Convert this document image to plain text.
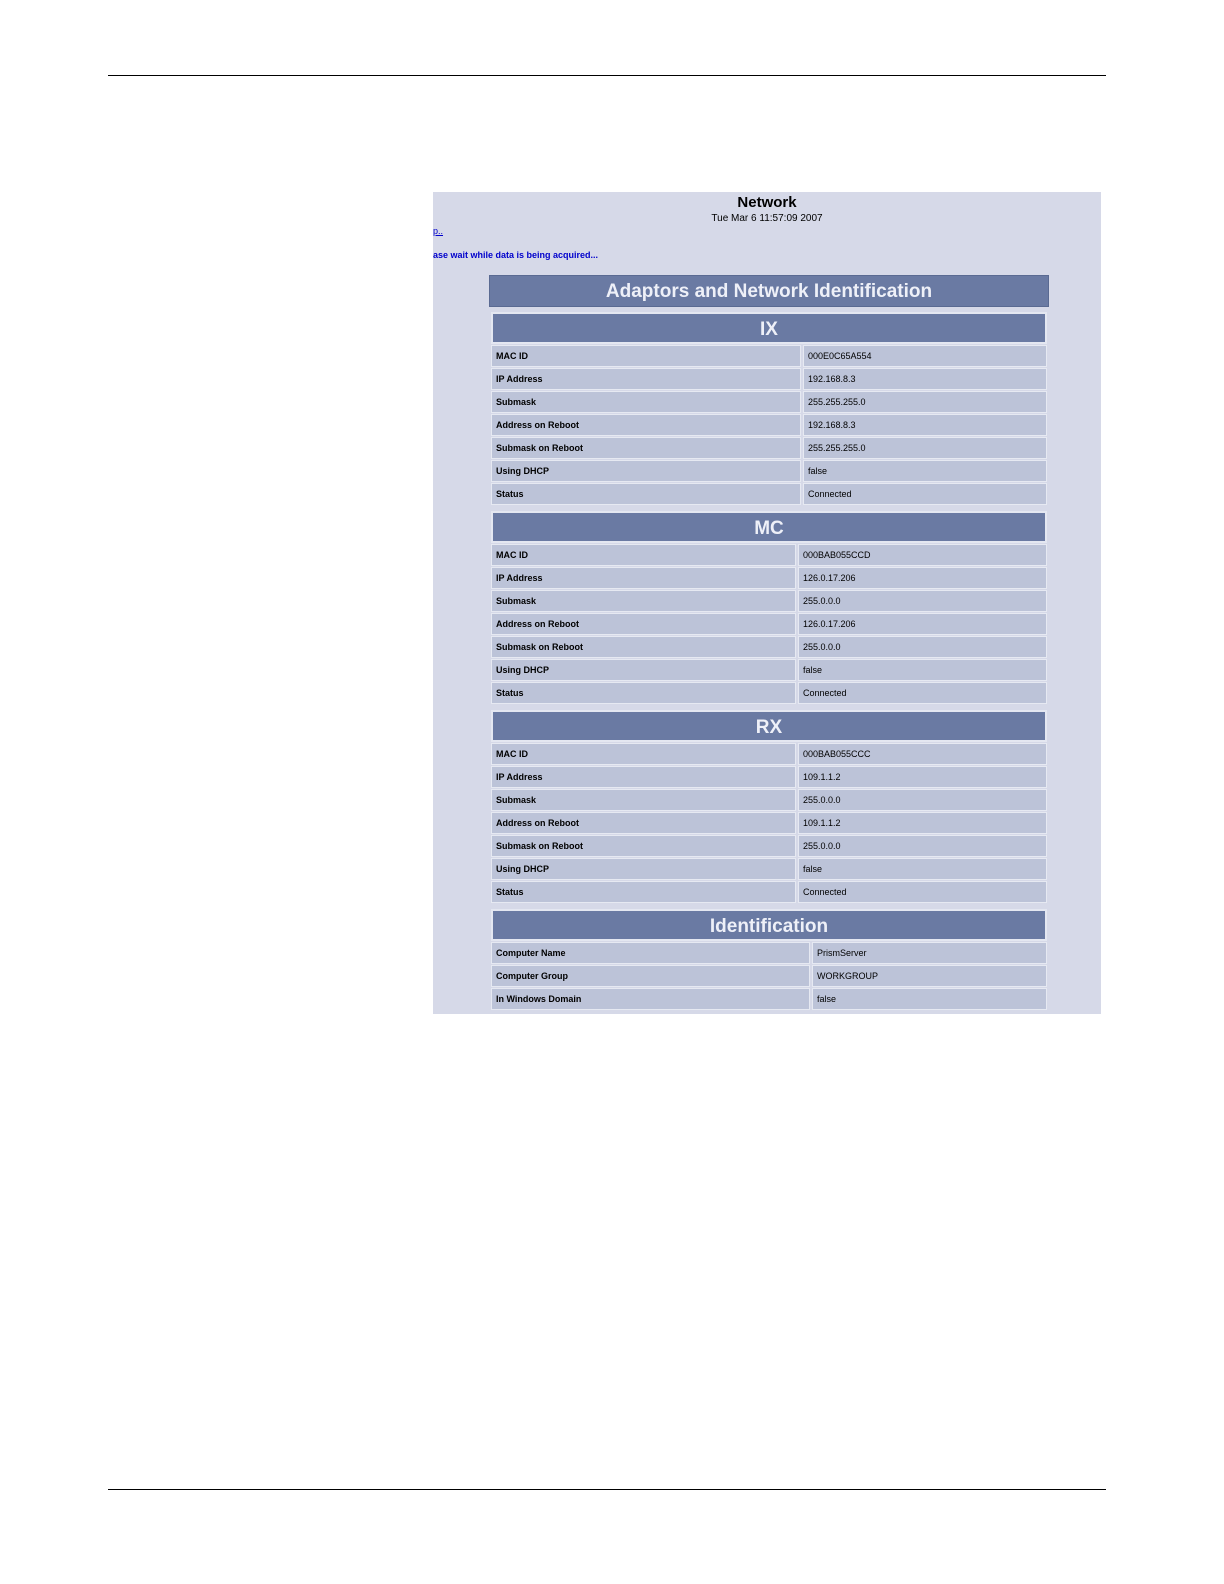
Network
Tue Mar 6 11:57:09 2007
p..
ase wait while data is being acquired...
Adaptors and Network Identification
IX
MAC ID	000E0C65A554
IP Address	192.168.8.3
Submask	255.255.255.0
Address on Reboot	192.168.8.3
Submask on Reboot	255.255.255.0
Using DHCP	false
Status	Connected
MC
MAC ID	000BAB055CCD
IP Address	126.0.17.206
Submask	255.0.0.0
Address on Reboot	126.0.17.206
Submask on Reboot	255.0.0.0
Using DHCP	false
Status	Connected
RX
MAC ID	000BAB055CCC
IP Address	109.1.1.2
Submask	255.0.0.0
Address on Reboot	109.1.1.2
Submask on Reboot	255.0.0.0
Using DHCP	false
Status	Connected
Identification
Computer Name	PrismServer
Computer Group	WORKGROUP
In Windows Domain	false
